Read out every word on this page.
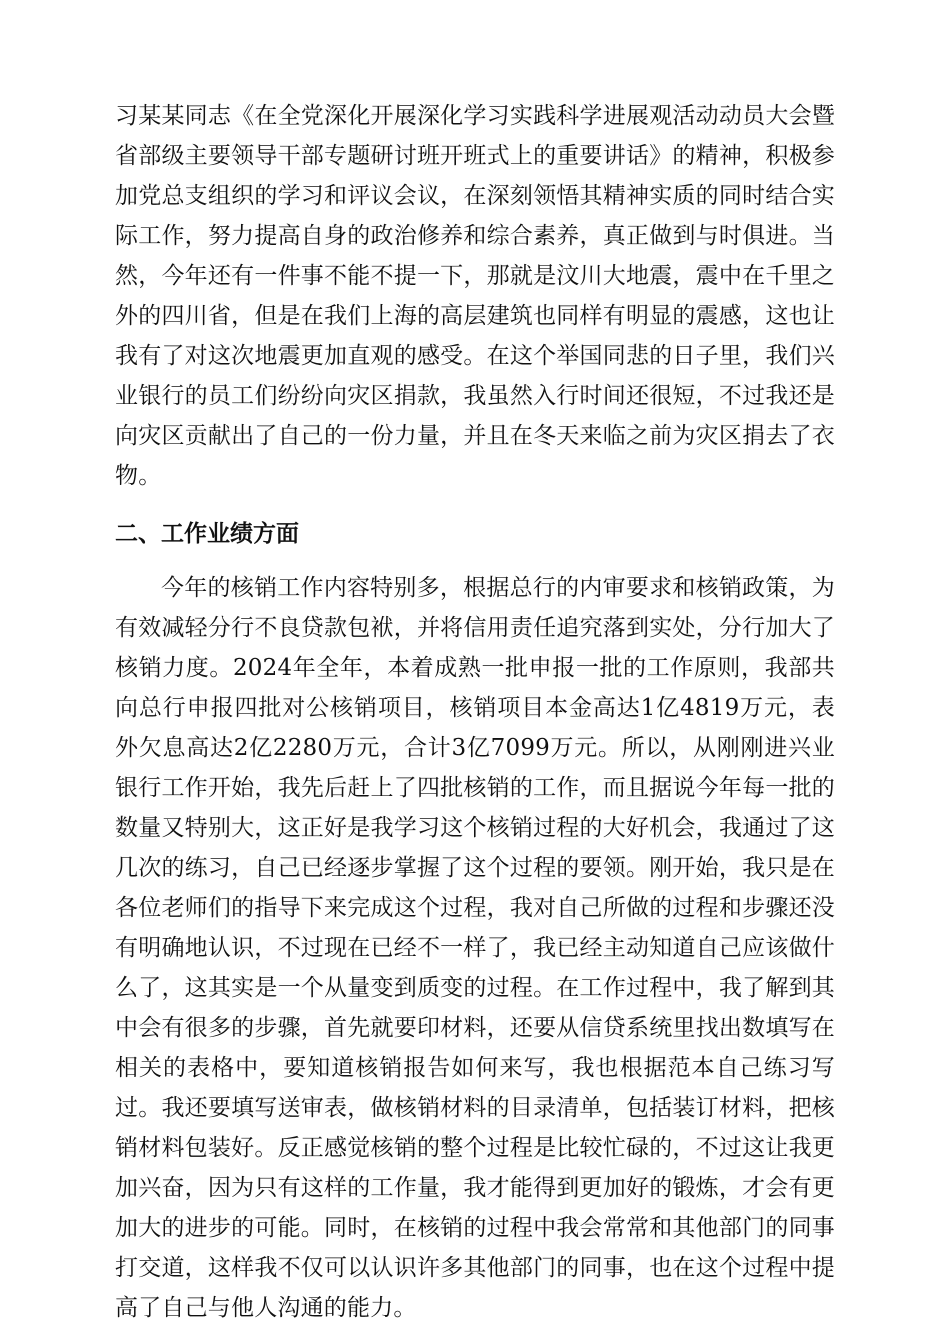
习某某同志《在全党深化开展深化学习实践科学进展观活动动员大会暨省部级主要领导干部专题研讨班开班式上的重要讲话》的精神，积极参加党总支组织的学习和评议会议，在深刻领悟其精神实质的同时结合实际工作，努力提高自身的政治修养和综合素养，真正做到与时俱进。当然，今年还有一件事不能不提一下，那就是汶川大地震，震中在千里之外的四川省，但是在我们上海的高层建筑也同样有明显的震感，这也让我有了对这次地震更加直观的感受。在这个举国同悲的日子里，我们兴业银行的员工们纷纷向灾区捐款，我虽然入行时间还很短，不过我还是向灾区贡献出了自己的一份力量，并且在冬天来临之前为灾区捐去了衣物。

二、工作业绩方面

今年的核销工作内容特别多，根据总行的内审要求和核销政策，为有效减轻分行不良贷款包袱，并将信用责任追究落到实处，分行加大了核销力度。2024年全年，本着成熟一批申报一批的工作原则，我部共向总行申报四批对公核销项目，核销项目本金高达1亿4819万元，表外欠息高达2亿2280万元，合计3亿7099万元。所以，从刚刚进兴业银行工作开始，我先后赶上了四批核销的工作，而且据说今年每一批的数量又特别大，这正好是我学习这个核销过程的大好机会，我通过了这几次的练习，自己已经逐步掌握了这个过程的要领。刚开始，我只是在各位老师们的指导下来完成这个过程，我对自己所做的过程和步骤还没有明确地认识，不过现在已经不一样了，我已经主动知道自己应该做什么了，这其实是一个从量变到质变的过程。在工作过程中，我了解到其中会有很多的步骤，首先就要印材料，还要从信贷系统里找出数填写在相关的表格中，要知道核销报告如何来写，我也根据范本自己练习写过。我还要填写送审表，做核销材料的目录清单，包括装订材料，把核销材料包装好。反正感觉核销的整个过程是比较忙碌的，不过这让我更加兴奋，因为只有这样的工作量，我才能得到更加好的锻炼，才会有更加大的进步的可能。同时，在核销的过程中我会常常和其他部门的同事打交道，这样我不仅可以认识许多其他部门的同事，也在这个过程中提高了自己与他人沟通的能力。
